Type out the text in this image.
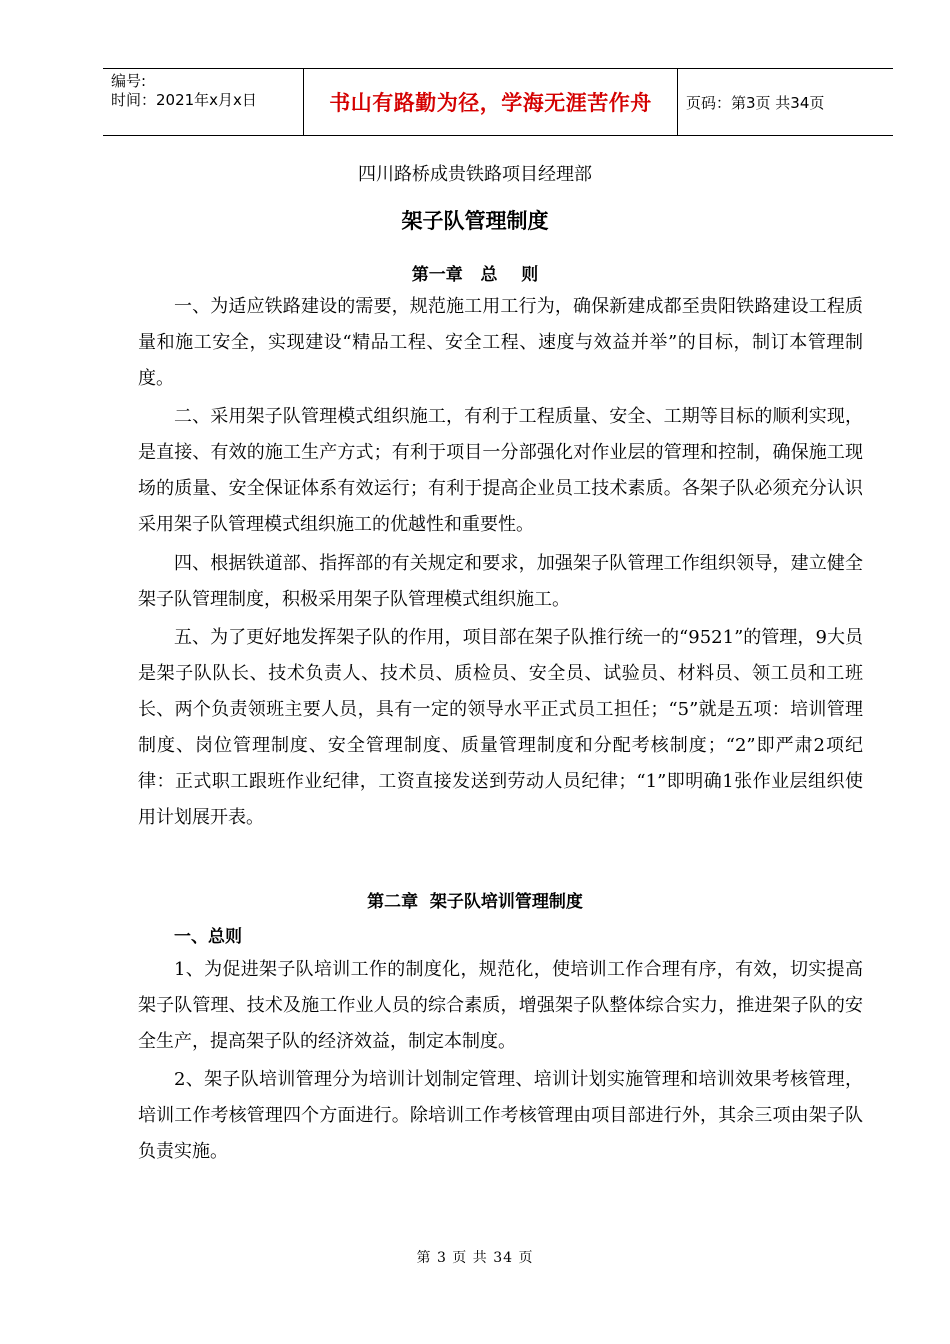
编号:
时间：2021年x月x日	书山有路勤为径，学海无涯苦作舟	页码：第3页 共34页
四川路桥成贵铁路项目经理部
架子队管理制度
第一章   总    则

一、为适应铁路建设的需要，规范施工用工行为，确保新建成都至贵阳铁路建设工程质量和施工安全，实现建设“精品工程、安全工程、速度与效益并举”的目标，制订本管理制度。

二、采用架子队管理模式组织施工，有利于工程质量、安全、工期等目标的顺利实现，是直接、有效的施工生产方式；有利于项目一分部强化对作业层的管理和控制，确保施工现场的质量、安全保证体系有效运行；有利于提高企业员工技术素质。各架子队必须充分认识采用架子队管理模式组织施工的优越性和重要性。

四、根据铁道部、指挥部的有关规定和要求，加强架子队管理工作组织领导，建立健全架子队管理制度，积极采用架子队管理模式组织施工。

五、为了更好地发挥架子队的作用，项目部在架子队推行统一的“9521”的管理，9大员是架子队队长、技术负责人、技术员、质检员、安全员、试验员、材料员、领工员和工班长、两个负责领班主要人员，具有一定的领导水平正式员工担任；“5”就是五项：培训管理制度、岗位管理制度、安全管理制度、质量管理制度和分配考核制度；“2”即严肃2项纪律：正式职工跟班作业纪律，工资直接发送到劳动人员纪律；“1”即明确1张作业层组织使用计划展开表。

第二章  架子队培训管理制度
一、总则

1、为促进架子队培训工作的制度化，规范化，使培训工作合理有序，有效，切实提高架子队管理、技术及施工作业人员的综合素质，增强架子队整体综合实力，推进架子队的安全生产，提高架子队的经济效益，制定本制度。

2、架子队培训管理分为培训计划制定管理、培训计划实施管理和培训效果考核管理，培训工作考核管理四个方面进行。除培训工作考核管理由项目部进行外，其余三项由架子队负责实施。

第 3 页 共 34 页
